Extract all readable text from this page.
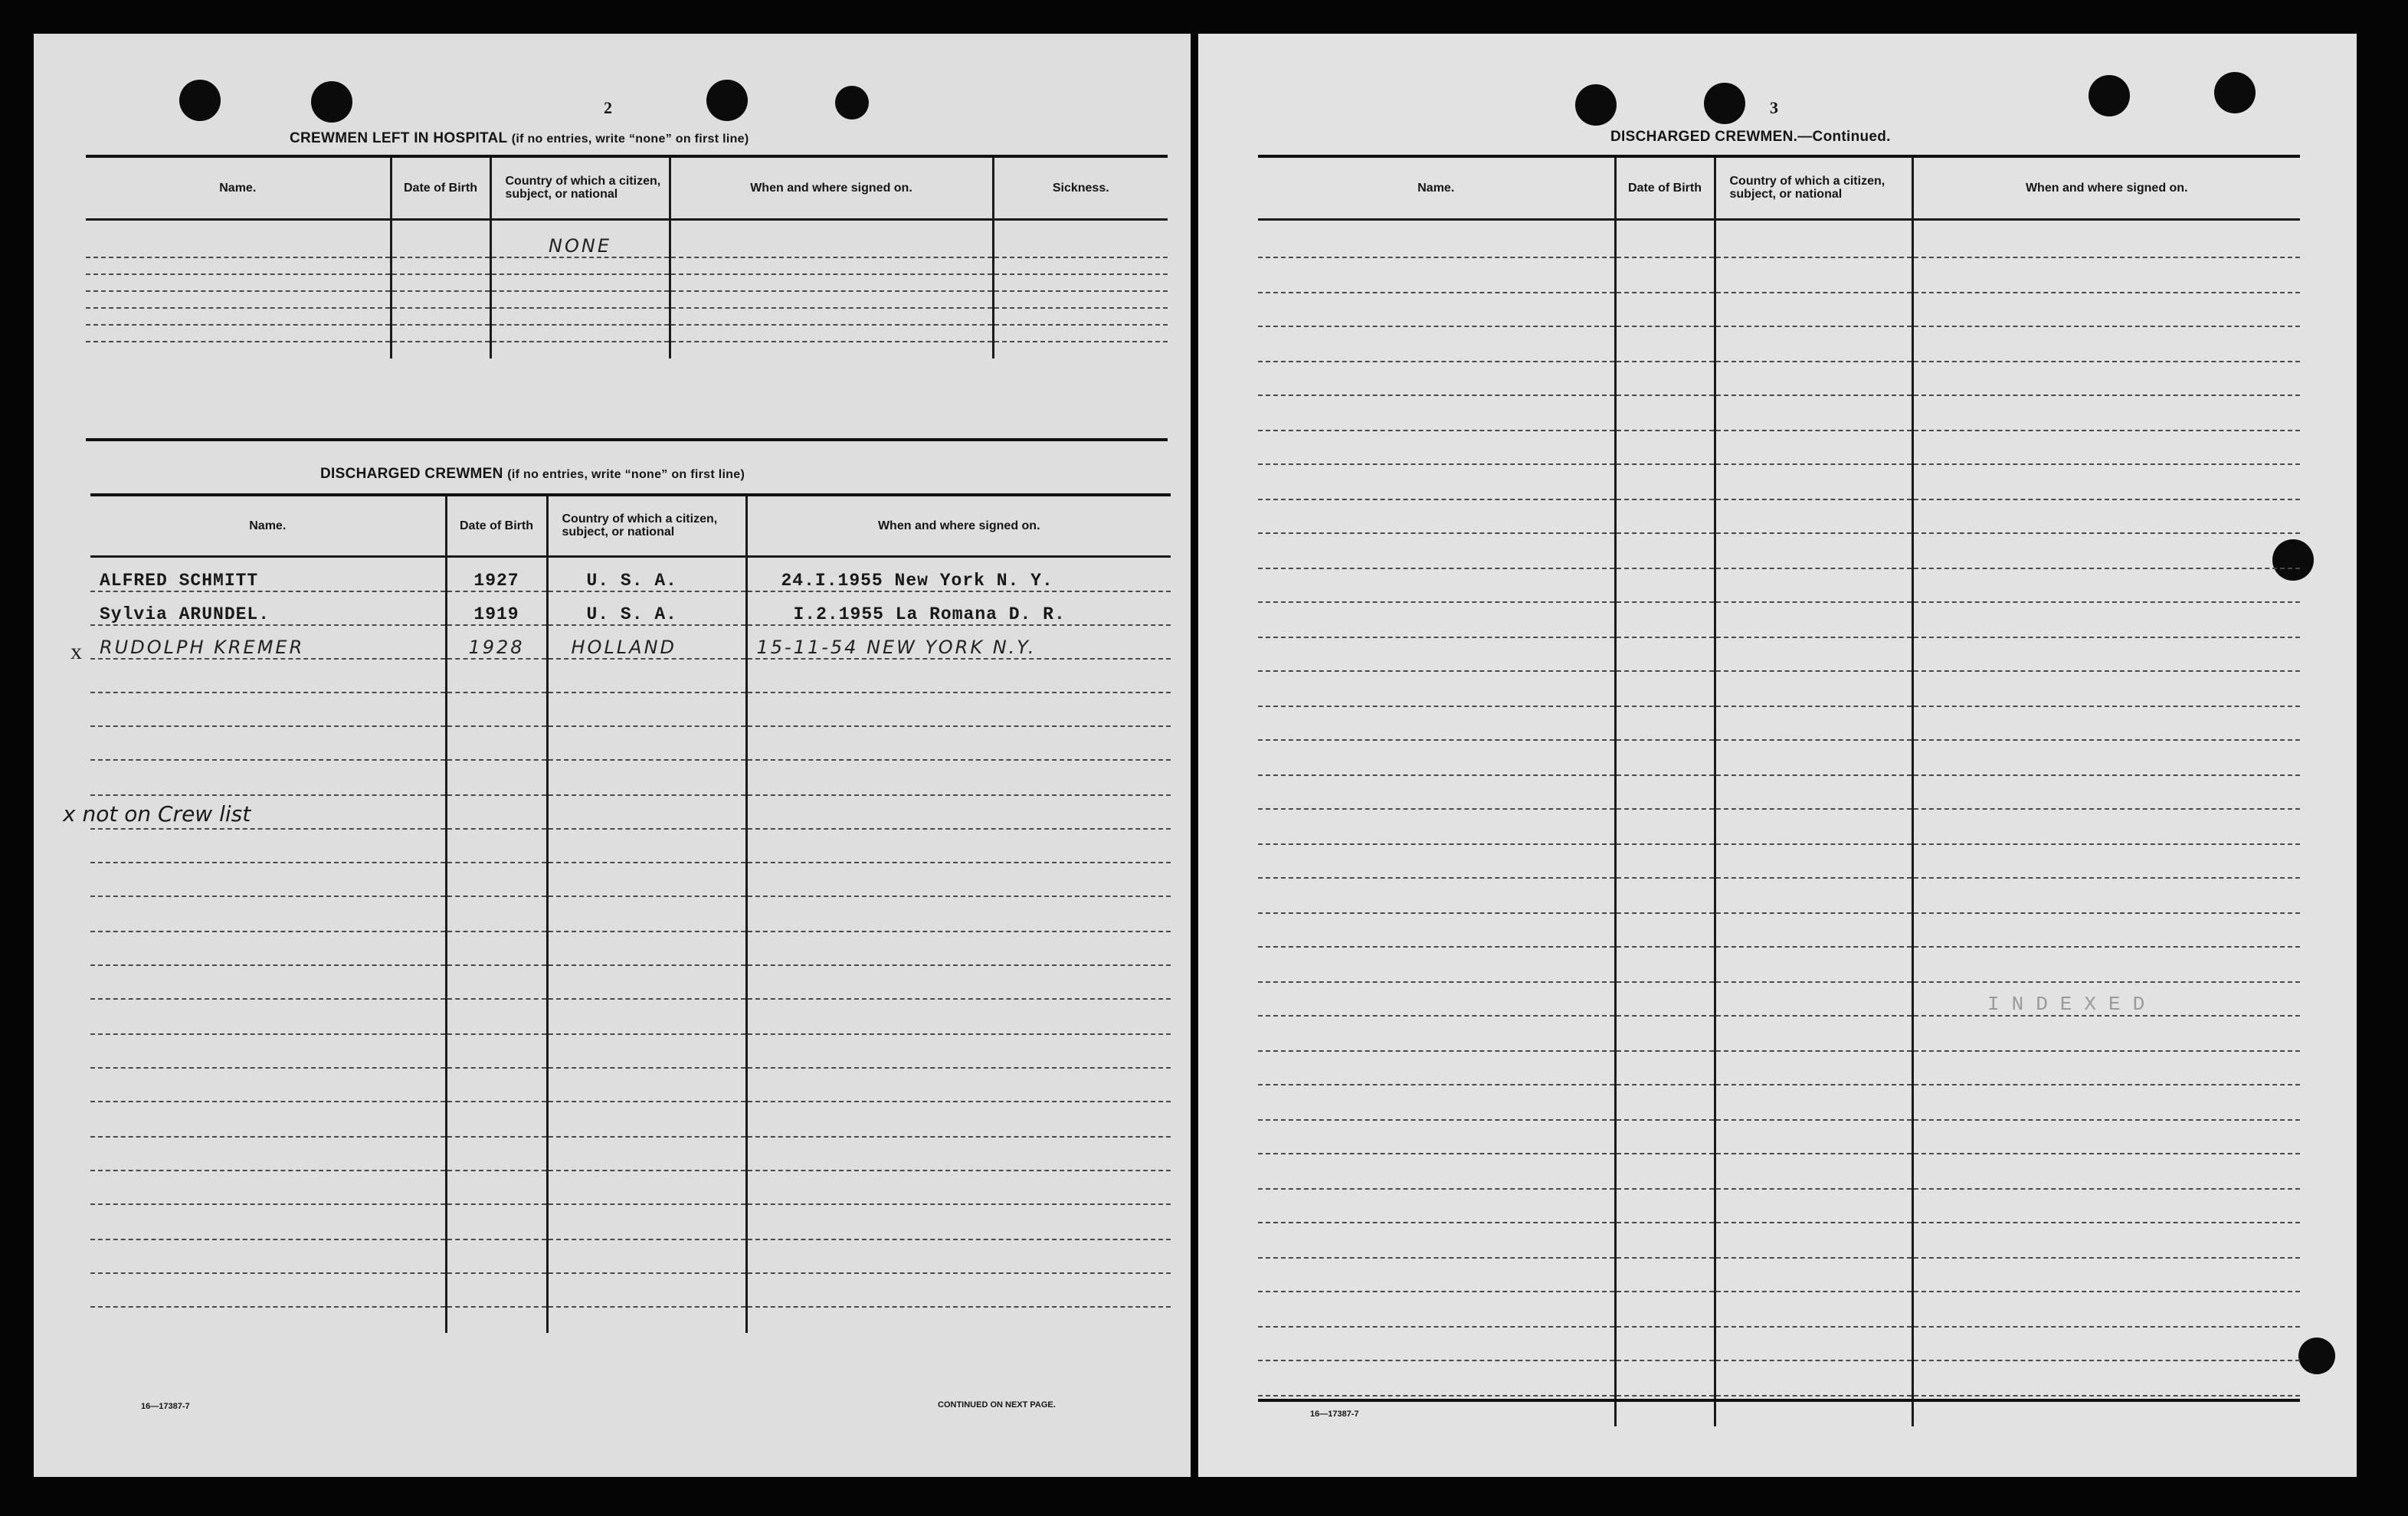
2
CREWMEN LEFT IN HOSPITAL (if no entries, write “none” on first line)
Name.	Date of Birth	Country of which a citizen, subject, or national	When and where signed on.	Sickness.
		NONE		

DISCHARGED CREWMEN (if no entries, write “none” on first line)
Name.	Date of Birth	Country of which a citizen, subject, or national	When and where signed on.
ALFRED SCHMITT	1927	U. S. A.	24.I.1955 New York N. Y.
Sylvia ARUNDEL.	1919	U. S. A.	I.2.1955 La Romana D. R.
RUDOLPH KREMER	1928	HOLLAND	15-11-54 NEW YORK N.Y.

x
x not on Crew list
16—17387-7	CONTINUED ON NEXT PAGE.
3
DISCHARGED CREWMEN.—Continued.
Name.	Date of Birth	Country of which a citizen, subject, or national	When and where signed on.

INDEXED
16—17387-7
